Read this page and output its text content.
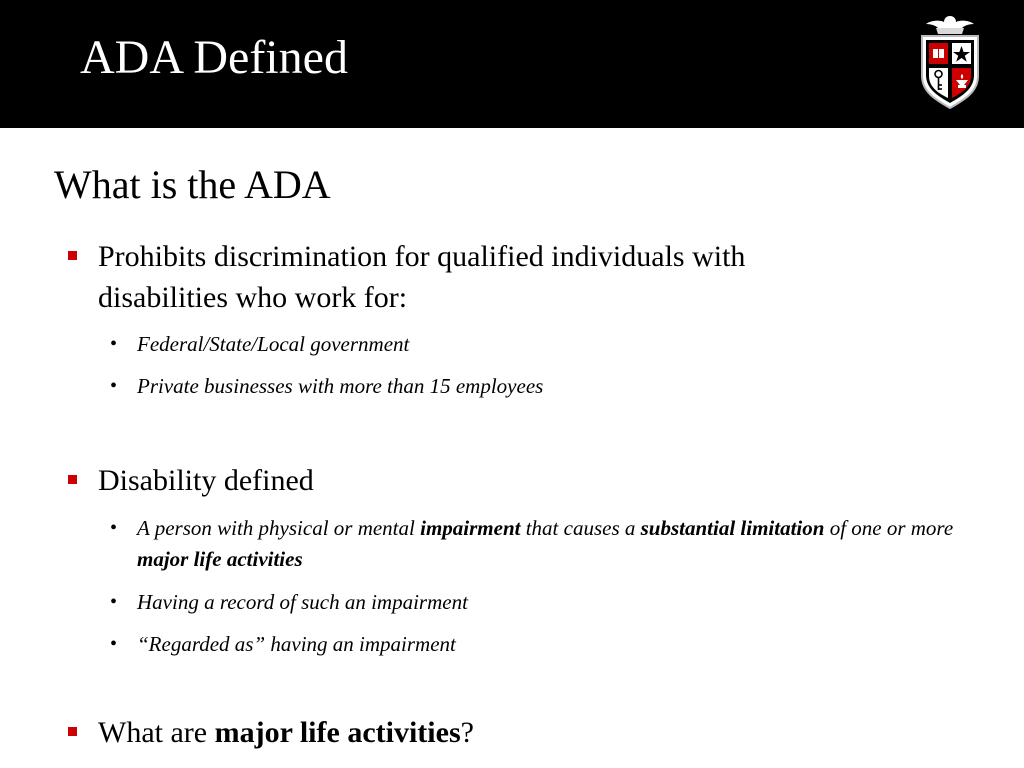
ADA Defined
What is the ADA
Prohibits discrimination for qualified individuals with disabilities who work for:
• Federal/State/Local government
• Private businesses with more than 15 employees
Disability defined
• A person with physical or mental impairment that causes a substantial limitation of one or more major life activities
• Having a record of such an impairment
• “Regarded as” having an impairment
What are major life activities?
